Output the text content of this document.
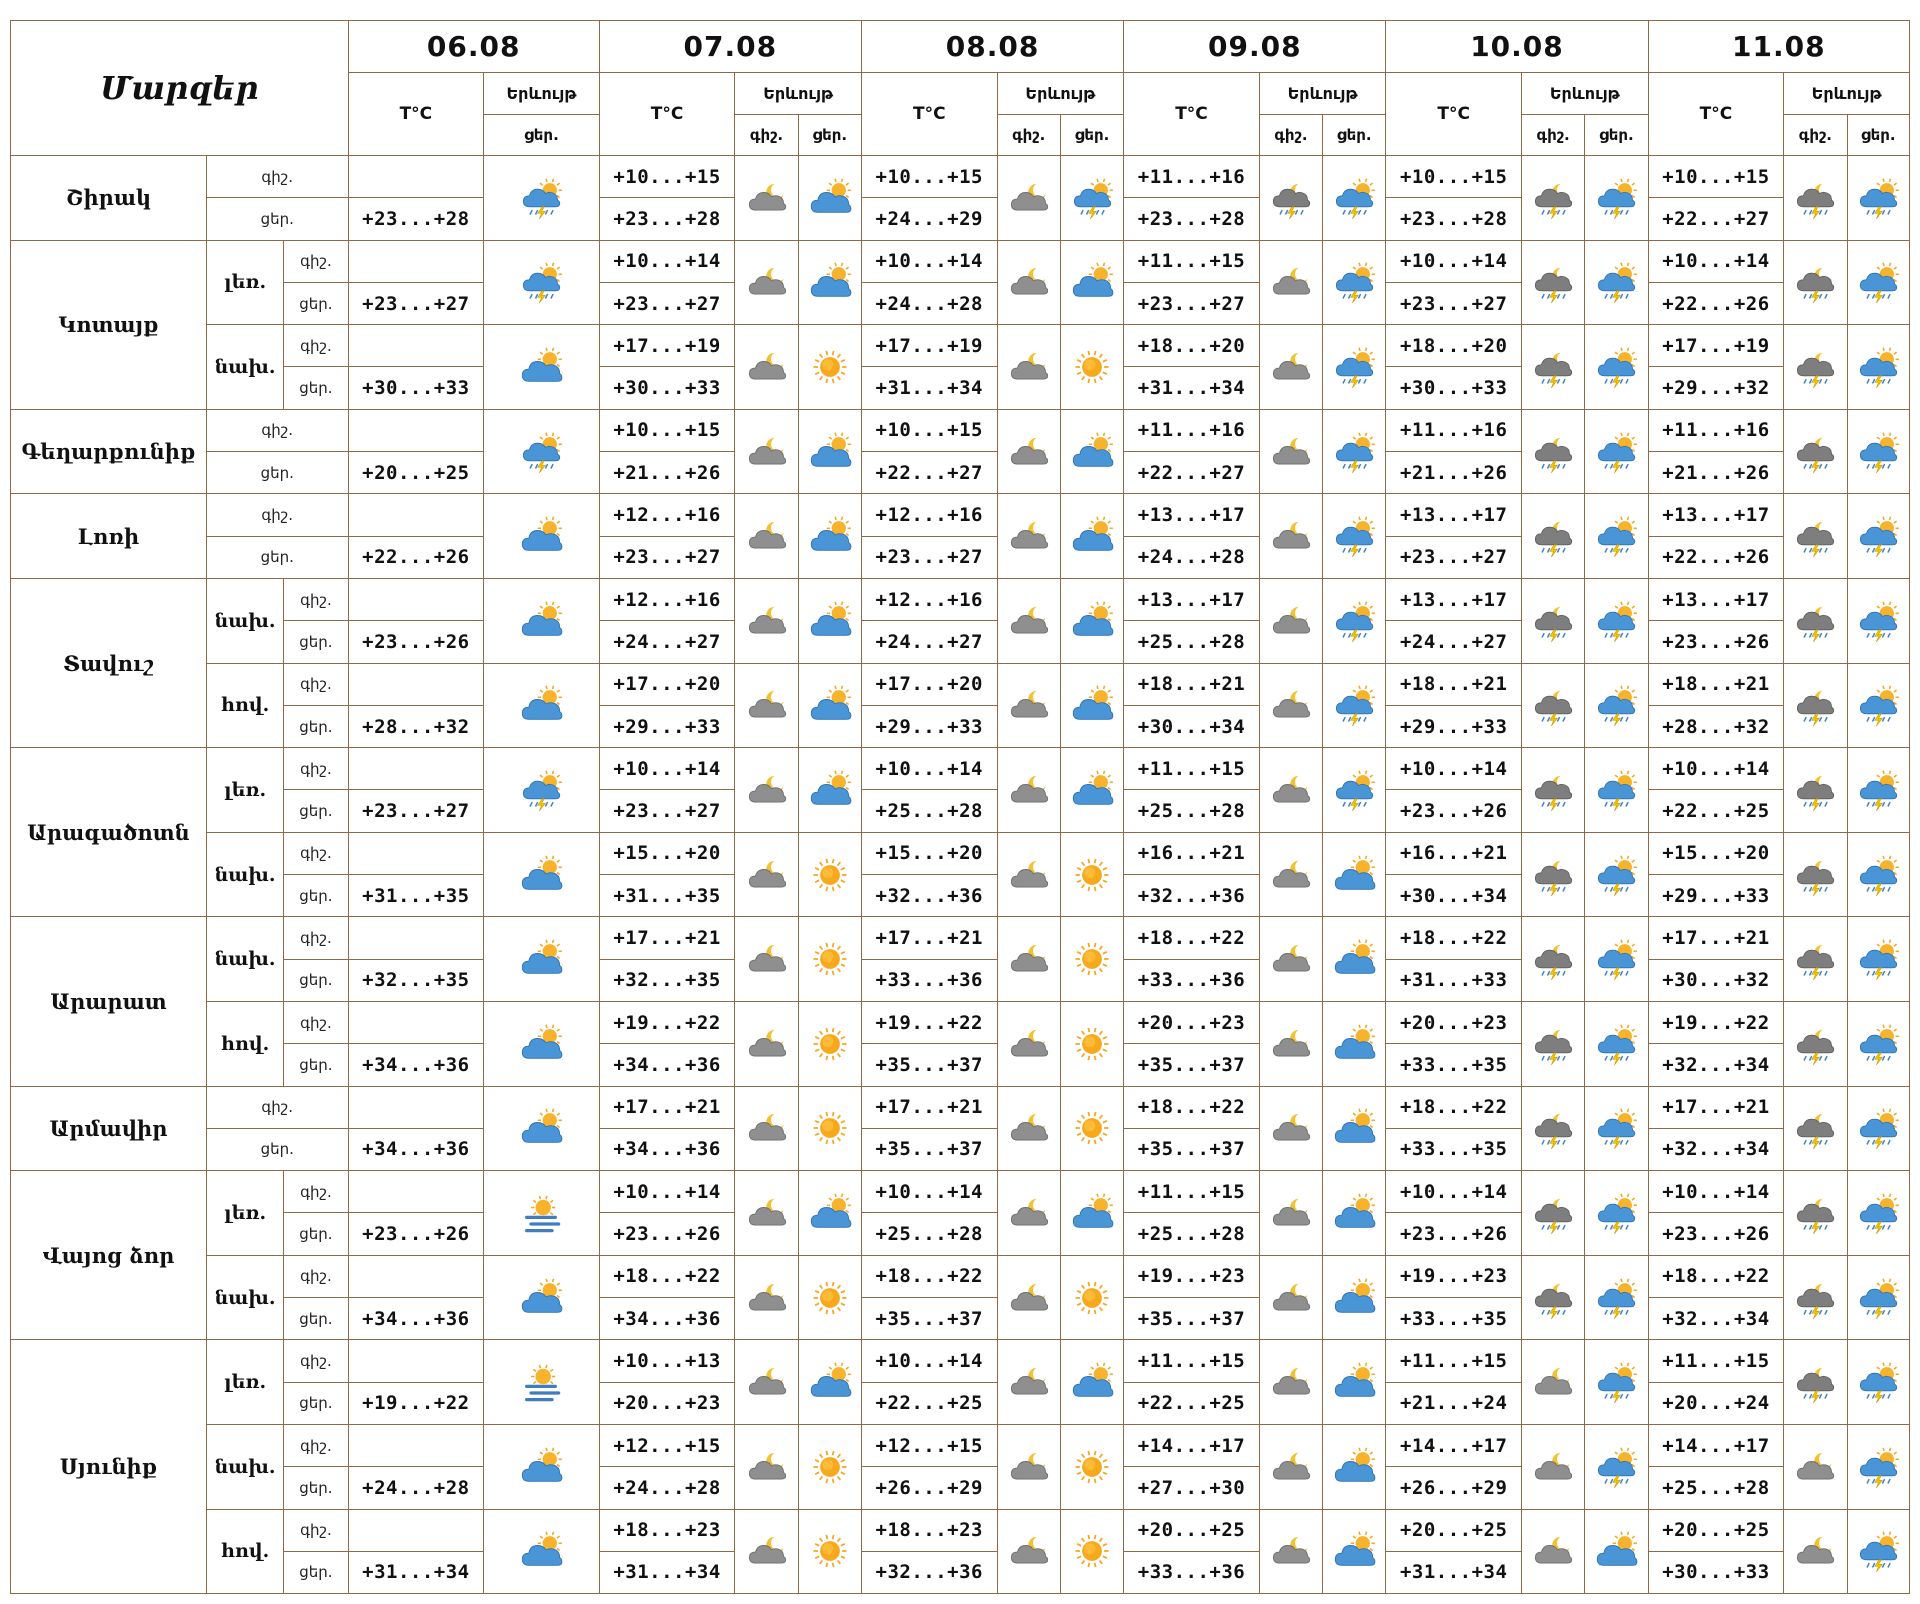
Մարզեր			06.08		07.08			08.08			09.08			10.08			11.08		
			T°C	Երևույթ	T°C	Երևույթ		T°C	Երևույթ		T°C	Երևույթ		T°C	Երևույթ		T°C	Երևույթ	
				ցեր.		գիշ.	ցեր.		գիշ.	ցեր.		գիշ.	ցեր.		գիշ.	ցեր.		գիշ.	ցեր.
Շիրակ	գիշ.				+10...+15			+10...+15			+11...+16			+10...+15			+10...+15	

	ցեր.		+23...+28		+23...+28			+24...+29			+23...+28			+23...+28			+22...+27		
Կոտայք	լեռ.	գիշ.			+10...+14			+10...+14			+11...+15			+10...+14			+10...+14	

		ցեր.	+23...+27		+23...+27			+24...+28			+23...+27			+23...+27			+22...+26		
	նախ.	գիշ.			+17...+19			+17...+19			+18...+20			+18...+20			+17...+19	

		ցեր.	+30...+33		+30...+33			+31...+34			+31...+34			+30...+33			+29...+32		
Գեղարքունիք	գիշ.				+10...+15			+10...+15			+11...+16			+11...+16			+11...+16	

	ցեր.		+20...+25		+21...+26			+22...+27			+22...+27			+21...+26			+21...+26		
Լոռի	գիշ.				+12...+16			+12...+16			+13...+17			+13...+17			+13...+17	

	ցեր.		+22...+26		+23...+27			+23...+27			+24...+28			+23...+27			+22...+26		
Տավուշ	նախ.	գիշ.			+12...+16			+12...+16			+13...+17			+13...+17			+13...+17	

		ցեր.	+23...+26		+24...+27			+24...+27			+25...+28			+24...+27			+23...+26		
	հով.	գիշ.			+17...+20			+17...+20			+18...+21			+18...+21			+18...+21	

		ցեր.	+28...+32		+29...+33			+29...+33			+30...+34			+29...+33			+28...+32		
Արագածոտն	լեռ.	գիշ.			+10...+14			+10...+14			+11...+15			+10...+14			+10...+14	

		ցեր.	+23...+27		+23...+27			+25...+28			+25...+28			+23...+26			+22...+25		
	նախ.	գիշ.			+15...+20			+15...+20			+16...+21			+16...+21			+15...+20	

		ցեր.	+31...+35		+31...+35			+32...+36			+32...+36			+30...+34			+29...+33		
Արարատ	նախ.	գիշ.			+17...+21			+17...+21			+18...+22			+18...+22			+17...+21	

		ցեր.	+32...+35		+32...+35			+33...+36			+33...+36			+31...+33			+30...+32		
	հով.	գիշ.			+19...+22			+19...+22			+20...+23			+20...+23			+19...+22	

		ցեր.	+34...+36		+34...+36			+35...+37			+35...+37			+33...+35			+32...+34		
Արմավիր	գիշ.				+17...+21			+17...+21			+18...+22			+18...+22			+17...+21	

	ցեր.		+34...+36		+34...+36			+35...+37			+35...+37			+33...+35			+32...+34		
Վայոց ձոր	լեռ.	գիշ.			+10...+14			+10...+14			+11...+15			+10...+14			+10...+14	

		ցեր.	+23...+26		+23...+26			+25...+28			+25...+28			+23...+26			+23...+26		
	նախ.	գիշ.			+18...+22			+18...+22			+19...+23			+19...+23			+18...+22	

		ցեր.	+34...+36		+34...+36			+35...+37			+35...+37			+33...+35			+32...+34		
Սյունիք	լեռ.	գիշ.			+10...+13			+10...+14			+11...+15			+11...+15			+11...+15	

		ցեր.	+19...+22		+20...+23			+22...+25			+22...+25			+21...+24			+20...+24		
	նախ.	գիշ.			+12...+15			+12...+15			+14...+17			+14...+17			+14...+17	

		ցեր.	+24...+28		+24...+28			+26...+29			+27...+30			+26...+29			+25...+28		
	հով.	գիշ.			+18...+23			+18...+23			+20...+25			+20...+25			+20...+25	

		ցեր.	+31...+34		+31...+34			+32...+36			+33...+36			+31...+34			+30...+33		
